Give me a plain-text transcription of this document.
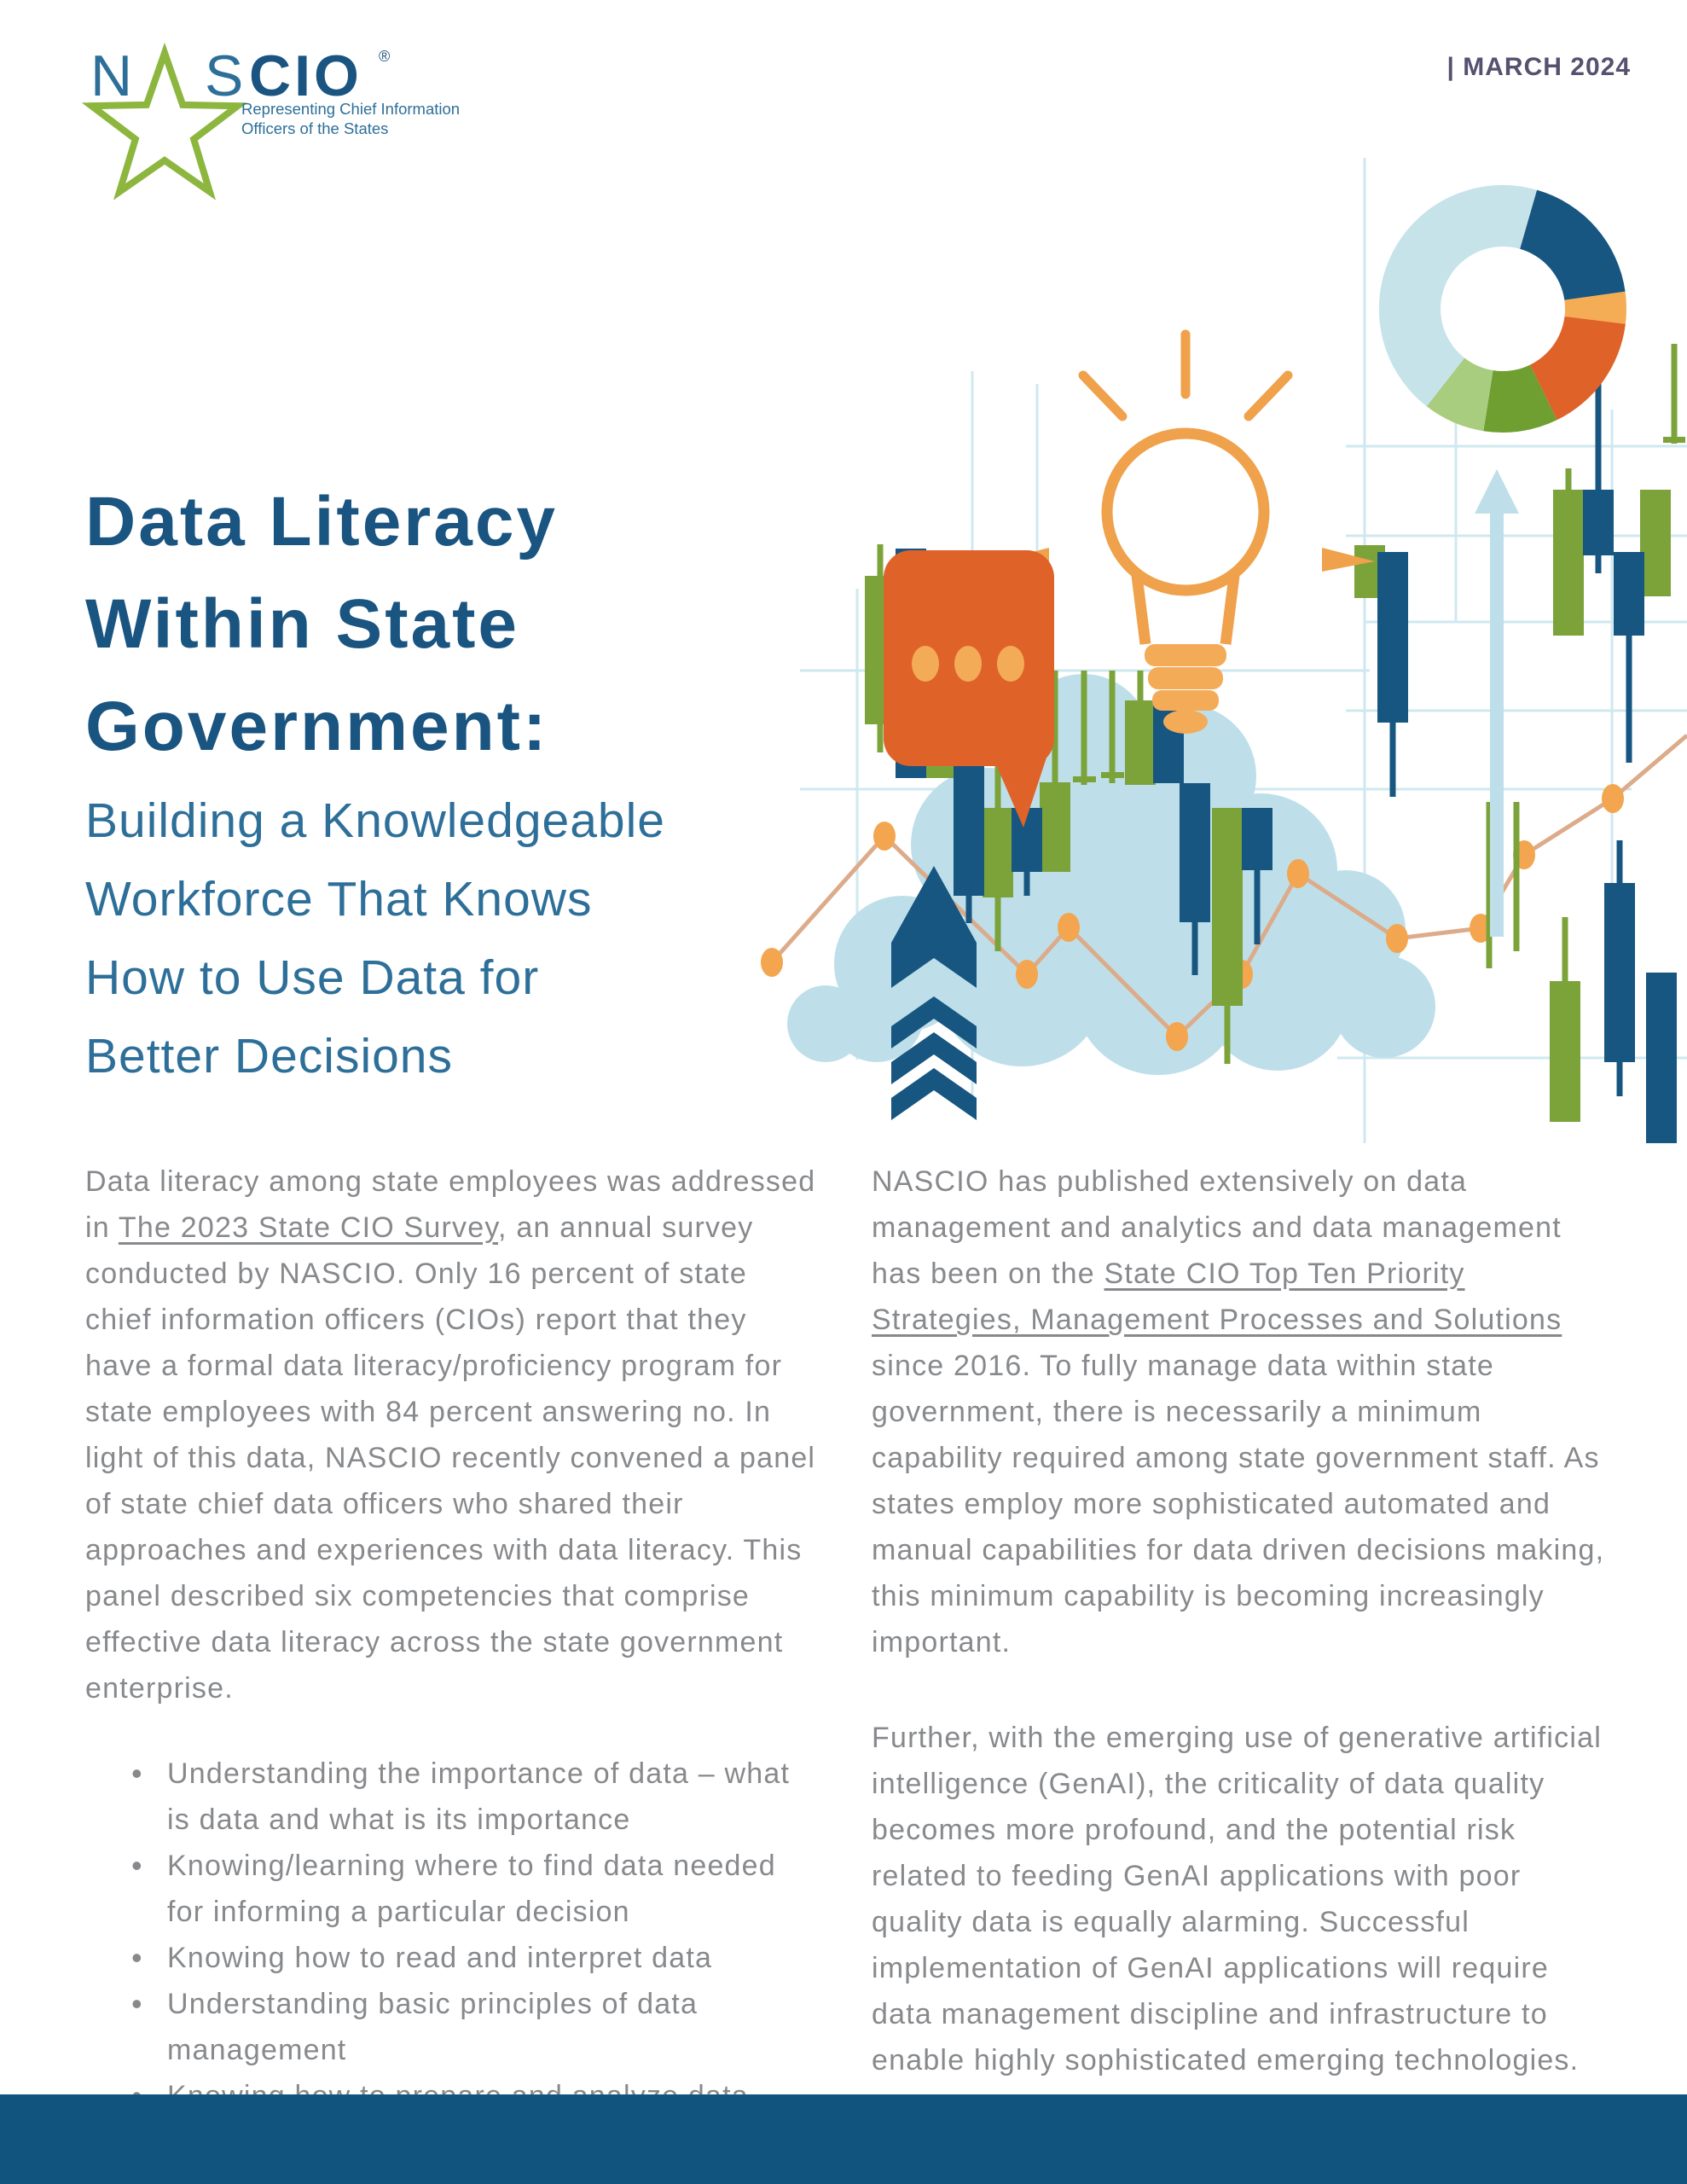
N S CIO ®
Representing Chief Information
Officers of the States
| MARCH 2024
Data Literacy
Within State
Government:
Building a Knowledgeable
Workforce That Knows
How to Use Data for
Better Decisions

Data literacy among state employees was addressed in The 2023 State CIO Survey, an annual survey conducted by NASCIO. Only 16 percent of state chief information officers (CIOs) report that they have a formal data literacy/proficiency program for state employees with 84 percent answering no. In light of this data, NASCIO recently convened a panel of state chief data officers who shared their approaches and experiences with data literacy. This panel described six competencies that comprise effective data literacy across the state government enterprise.

• Understanding the importance of data – what is data and what is its importance
• Knowing/learning where to find data needed for informing a particular decision
• Knowing how to read and interpret data
• Understanding basic principles of data management
•
•

NASCIO has published extensively on data management and analytics and data management has been on the State CIO Top Ten Priority Strategies, Management Processes and Solutions since 2016. To fully manage data within state government, there is necessarily a minimum capability required among state government staff. As states employ more sophisticated automated and manual capabilities for data driven decisions making, this minimum capability is becoming increasingly important.

Further, with the emerging use of generative artificial intelligence (GenAI), the criticality of data quality becomes more profound, and the potential risk related to feeding GenAI applications with poor quality data is equally alarming. Successful implementation of GenAI applications will require data management discipline and infrastructure to enable highly sophisticated emerging technologies.
